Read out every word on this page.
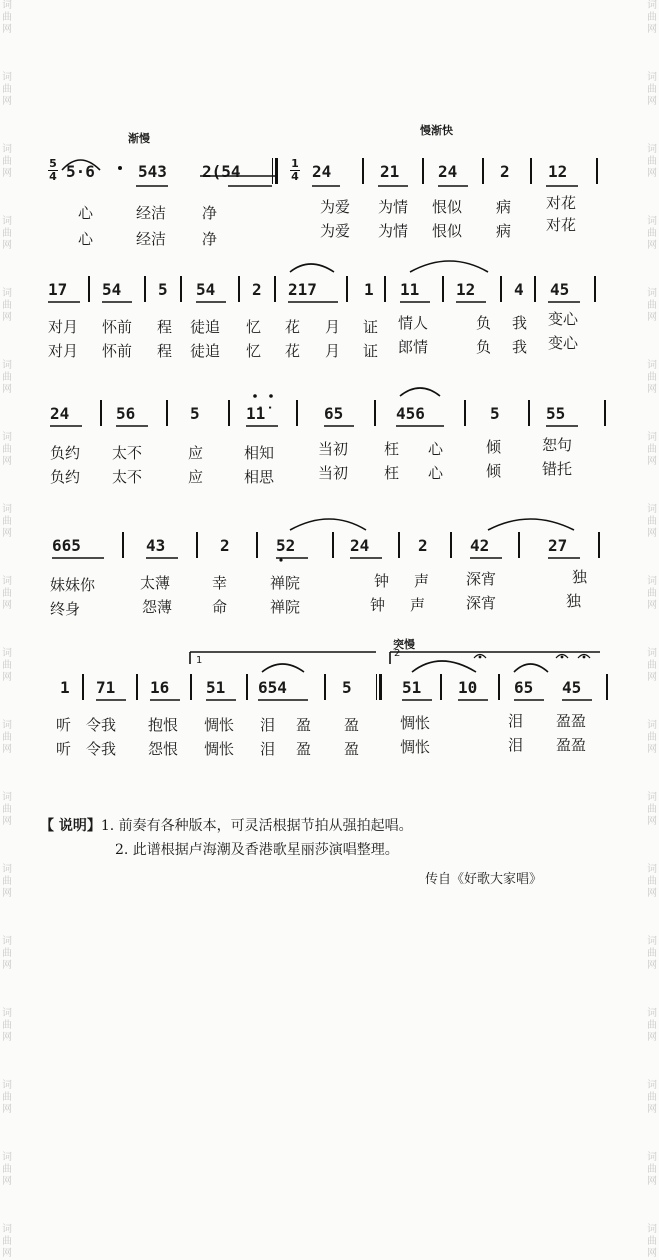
词曲网
词曲网
词曲网
词曲网
词曲网
词曲网
词曲网
词曲网
词曲网
词曲网
词曲网
词曲网
词曲网
词曲网
词曲网
词曲网
词曲网
词曲网
词曲网
词曲网
词曲网
词曲网
词曲网
词曲网
词曲网
词曲网
词曲网
词曲网
词曲网
词曲网
词曲网
词曲网
词曲网
词曲网
词曲网
词曲网
渐慢
慢渐快
突慢
5
4 5·6	543 2(54	1
4 24	21 24	2 12
心	经洁 净	为爱 为情 恨似 病 对花
心	经洁 净	为爱 为情 恨似 病 对花
17 54 5 54 2 217	1 11 12 4 45
对月 怀前 程 徒追 忆 花 月 证 情人	负 我 变心
对月 怀前 程 徒追 忆 花 月 证 郎情	负 我 变心
24	56	5	1̇1̇	65	456	5	55
负约 太不	应	相知	当初 枉 心	倾	恕句
负约 太不	应	相思	当初 枉 心	倾	错托
665	43	2	52	24	2	42	27
妹妹你	太薄	幸	禅院	钟 声 深宵	独
终身	怨薄	命	禅院	钟 声	深宵	独
1
2
1 71 16 51 654	5	51 10 65 45
听 令我 抱恨 惆怅 泪 盈 盈	惆怅	泪 盈盈
听 令我 怨恨 惆怅 泪 盈 盈	惆怅	泪 盈盈
【 说明】1. 前奏有各种版本，可灵活根据节拍从强拍起唱。
2. 此谱根据卢海潮及香港歌星丽莎演唱整理。
传自《好歌大家唱》
